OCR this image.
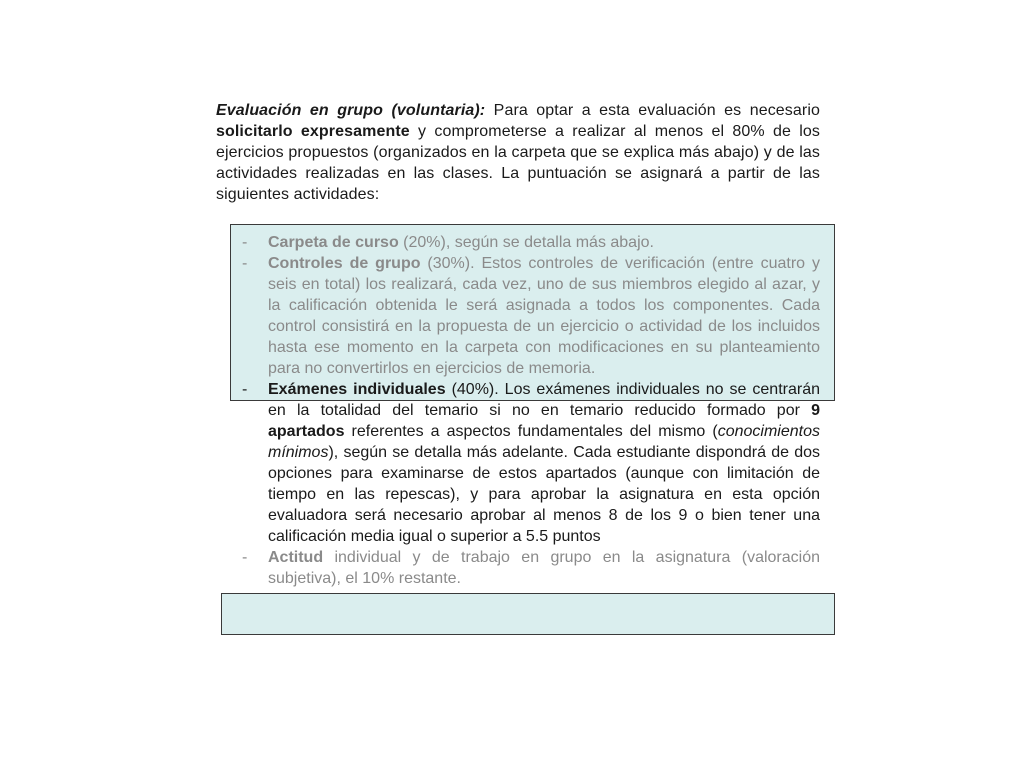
Evaluación en grupo (voluntaria): Para optar a esta evaluación es necesario solicitarlo expresamente y comprometerse a realizar al menos el 80% de los ejercicios propuestos (organizados en la carpeta que se explica más abajo) y de las actividades realizadas en las clases. La puntuación se asignará a partir de las siguientes actividades:
- Carpeta de curso (20%), según se detalla más abajo.
- Controles de grupo (30%). Estos controles de verificación (entre cuatro y seis en total) los realizará, cada vez, uno de sus miembros elegido al azar, y la calificación obtenida le será asignada a todos los componentes. Cada control consistirá en la propuesta de un ejercicio o actividad de los incluidos hasta ese momento en la carpeta con modificaciones en su planteamiento para no convertirlos en ejercicios de memoria.
- Exámenes individuales (40%). Los exámenes individuales no se centrarán en la totalidad del temario si no en temario reducido formado por 9 apartados referentes a aspectos fundamentales del mismo (conocimientos mínimos), según se detalla más adelante. Cada estudiante dispondrá de dos opciones para examinarse de estos apartados (aunque con limitación de tiempo en las repescas), y para aprobar la asignatura en esta opción evaluadora será necesario aprobar al menos 8 de los 9 o bien tener una calificación media igual o superior a 5.5 puntos
- Actitud individual y de trabajo en grupo en la asignatura (valoración subjetiva), el 10% restante.
